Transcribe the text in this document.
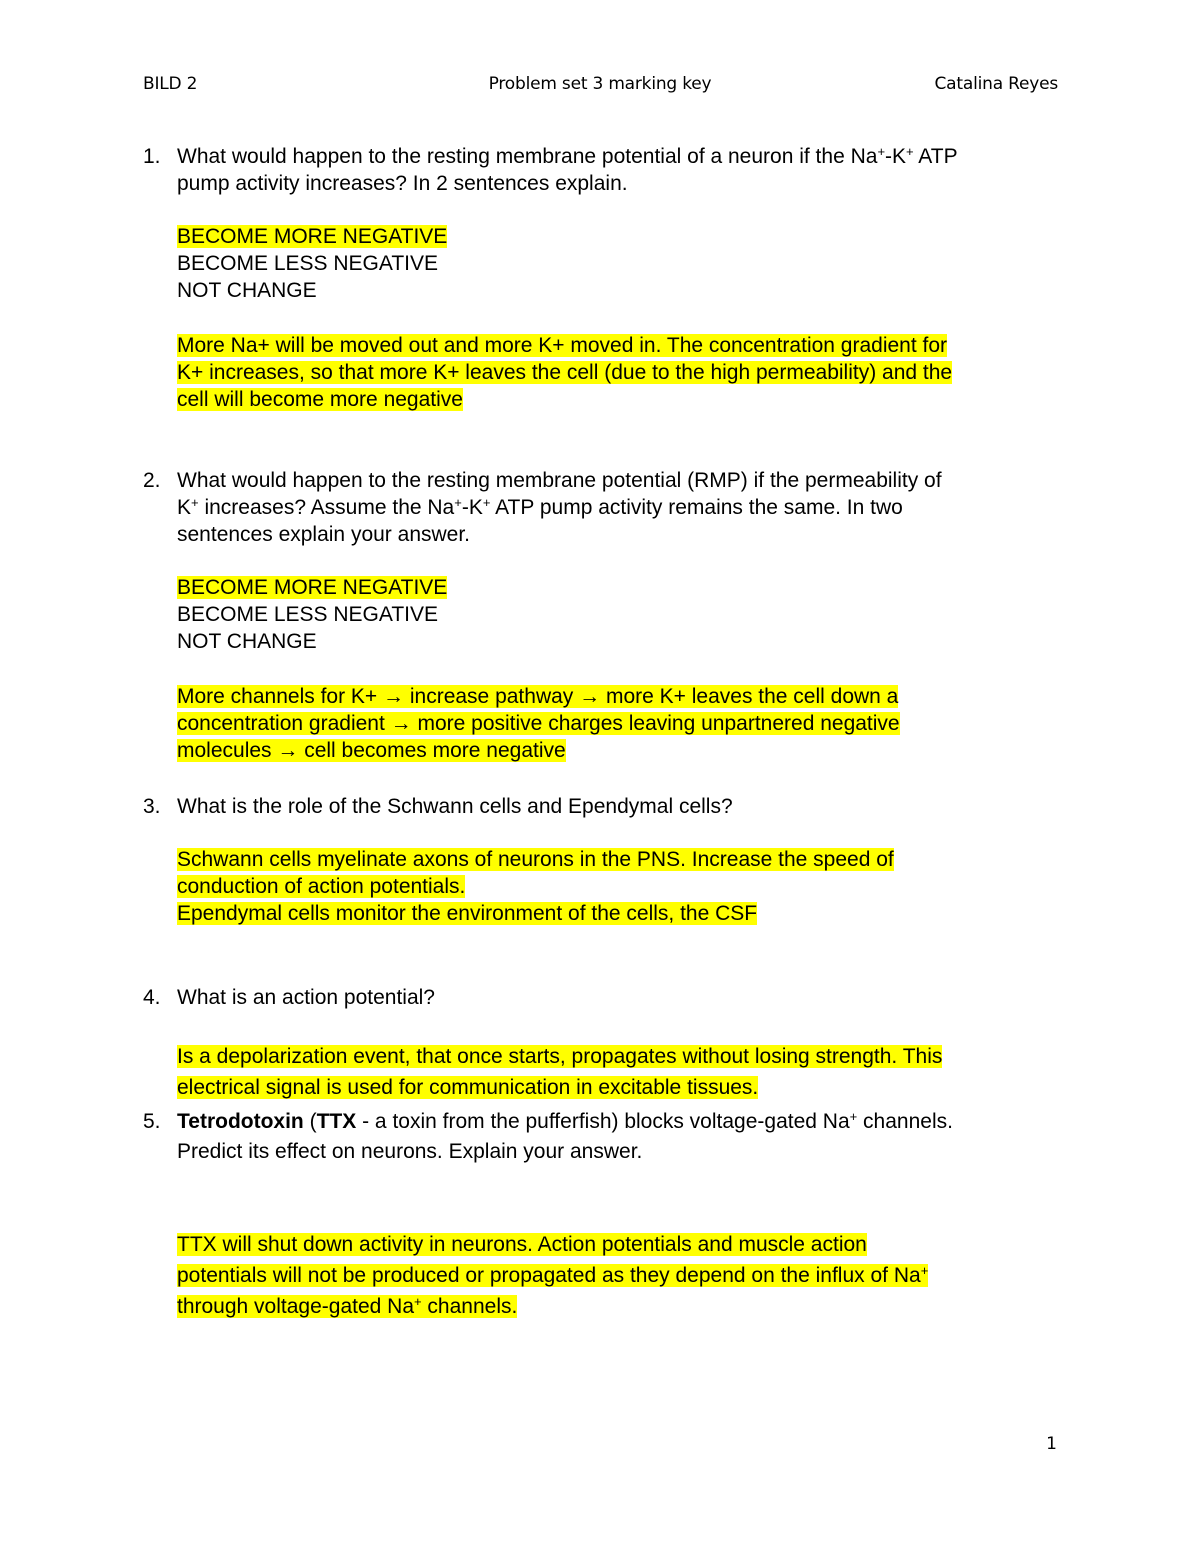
BILD 2	Problem set 3 marking key	Catalina Reyes
1. What would happen to the resting membrane potential of a neuron if the Na+-K+ ATP
pump activity increases? In 2 sentences explain.
BECOME MORE NEGATIVE
BECOME LESS NEGATIVE
NOT CHANGE
More Na+ will be moved out and more K+ moved in. The concentration gradient for
K+ increases, so that more K+ leaves the cell (due to the high permeability) and the
cell will become more negative
2. What would happen to the resting membrane potential (RMP) if the permeability of
K+ increases? Assume the Na+-K+ ATP pump activity remains the same. In two
sentences explain your answer.
BECOME MORE NEGATIVE
BECOME LESS NEGATIVE
NOT CHANGE
More channels for K+ → increase pathway → more K+ leaves the cell down a
concentration gradient → more positive charges leaving unpartnered negative
molecules → cell becomes more negative
3. What is the role of the Schwann cells and Ependymal cells?
Schwann cells myelinate axons of neurons in the PNS. Increase the speed of
conduction of action potentials.
Ependymal cells monitor the environment of the cells, the CSF
4. What is an action potential?
Is a depolarization event, that once starts, propagates without losing strength. This
electrical signal is used for communication in excitable tissues.
5. Tetrodotoxin (TTX - a toxin from the pufferfish) blocks voltage-gated Na+ channels.
Predict its effect on neurons. Explain your answer.
TTX will shut down activity in neurons. Action potentials and muscle action
potentials will not be produced or propagated as they depend on the influx of Na+
through voltage-gated Na+ channels.
1
